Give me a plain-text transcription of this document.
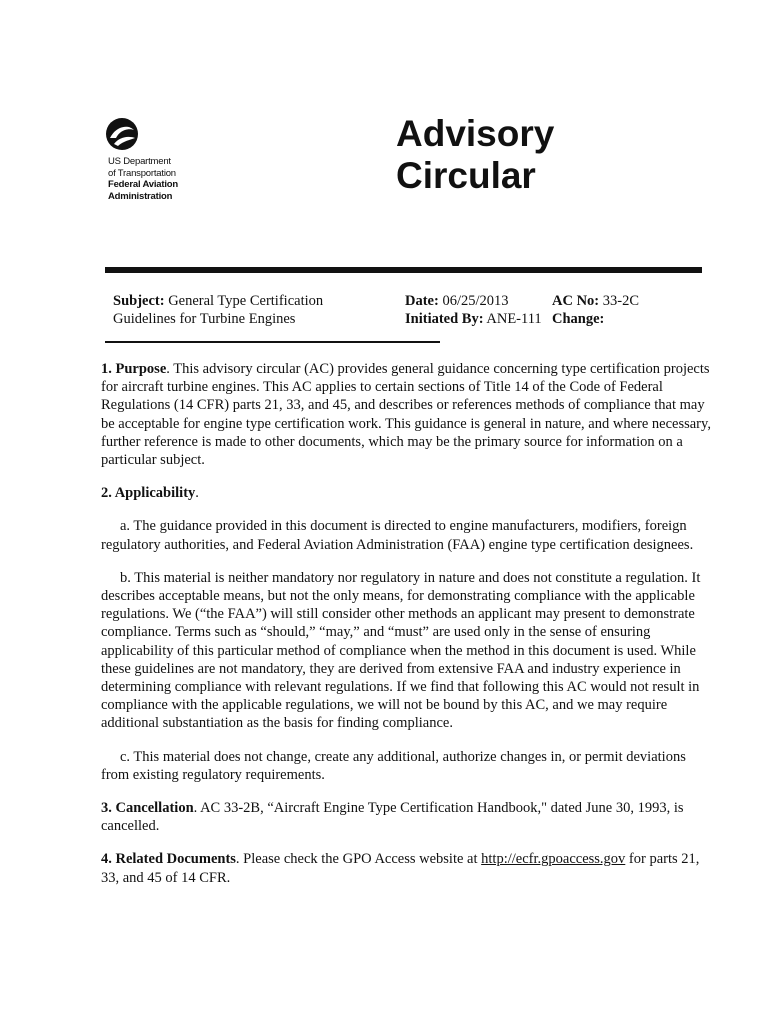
US Department
of Transportation
Federal Aviation
Administration
Advisory
Circular
Subject: General Type Certification
Guidelines for Turbine Engines
Date: 06/25/2013
Initiated By: ANE-111
AC No: 33-2C
Change:

1. Purpose. This advisory circular (AC) provides general guidance concerning type certification projects for aircraft turbine engines. This AC applies to certain sections of Title 14 of the Code of Federal Regulations (14 CFR) parts 21, 33, and 45, and describes or references methods of compliance that may be acceptable for engine type certification work. This guidance is general in nature, and where necessary, further reference is made to other documents, which may be the primary source for information on a particular subject.

2. Applicability.

a. The guidance provided in this document is directed to engine manufacturers, modifiers, foreign regulatory authorities, and Federal Aviation Administration (FAA) engine type certification designees.

b. This material is neither mandatory nor regulatory in nature and does not constitute a regulation. It describes acceptable means, but not the only means, for demonstrating compliance with the applicable regulations. We (“the FAA”) will still consider other methods an applicant may present to demonstrate compliance. Terms such as “should,” “may,” and “must” are used only in the sense of ensuring applicability of this particular method of compliance when the method in this document is used. While these guidelines are not mandatory, they are derived from extensive FAA and industry experience in determining compliance with relevant regulations. If we find that following this AC would not result in compliance with the applicable regulations, we will not be bound by this AC, and we may require additional substantiation as the basis for finding compliance.

c. This material does not change, create any additional, authorize changes in, or permit deviations from existing regulatory requirements.

3. Cancellation. AC 33-2B, “Aircraft Engine Type Certification Handbook," dated June 30, 1993, is cancelled.

4. Related Documents. Please check the GPO Access website at http://ecfr.gpoaccess.gov for parts 21, 33, and 45 of 14 CFR.
